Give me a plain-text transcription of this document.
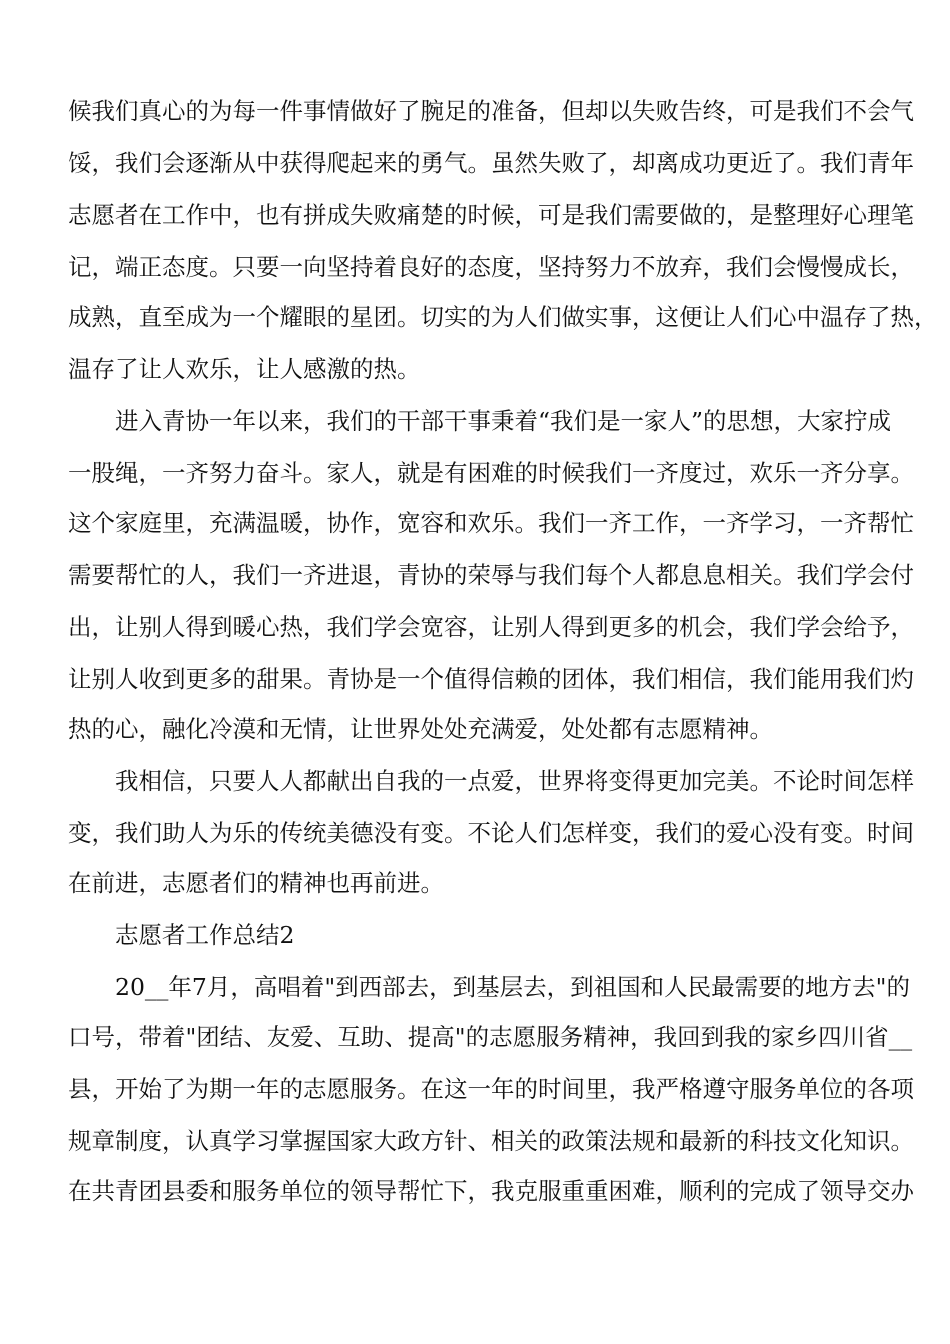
候我们真心的为每一件事情做好了腕足的准备，但却以失败告终，可是我们不会气
馁，我们会逐渐从中获得爬起来的勇气。虽然失败了，却离成功更近了。我们青年
志愿者在工作中，也有拼成失败痛楚的时候，可是我们需要做的，是整理好心理笔
记，端正态度。只要一向坚持着良好的态度，坚持努力不放弃，我们会慢慢成长，
成熟，直至成为一个耀眼的星团。切实的为人们做实事，这便让人们心中温存了热，
温存了让人欢乐，让人感激的热。
进入青协一年以来，我们的干部干事秉着“我们是一家人”的思想，大家拧成
一股绳，一齐努力奋斗。家人，就是有困难的时候我们一齐度过，欢乐一齐分享。
这个家庭里，充满温暖，协作，宽容和欢乐。我们一齐工作，一齐学习，一齐帮忙
需要帮忙的人，我们一齐进退，青协的荣辱与我们每个人都息息相关。我们学会付
出，让别人得到暖心热，我们学会宽容，让别人得到更多的机会，我们学会给予，
让别人收到更多的甜果。青协是一个值得信赖的团体，我们相信，我们能用我们灼
热的心，融化冷漠和无情，让世界处处充满爱，处处都有志愿精神。
我相信，只要人人都献出自我的一点爱，世界将变得更加完美。不论时间怎样
变，我们助人为乐的传统美德没有变。不论人们怎样变，我们的爱心没有变。时间
在前进，志愿者们的精神也再前进。
志愿者工作总结2
20__年7月，高唱着"到西部去，到基层去，到祖国和人民最需要的地方去"的
口号，带着"团结、友爱、互助、提高"的志愿服务精神，我回到我的家乡四川省__
县，开始了为期一年的志愿服务。在这一年的时间里，我严格遵守服务单位的各项
规章制度，认真学习掌握国家大政方针、相关的政策法规和最新的科技文化知识。
在共青团县委和服务单位的领导帮忙下，我克服重重困难，顺利的完成了领导交办
